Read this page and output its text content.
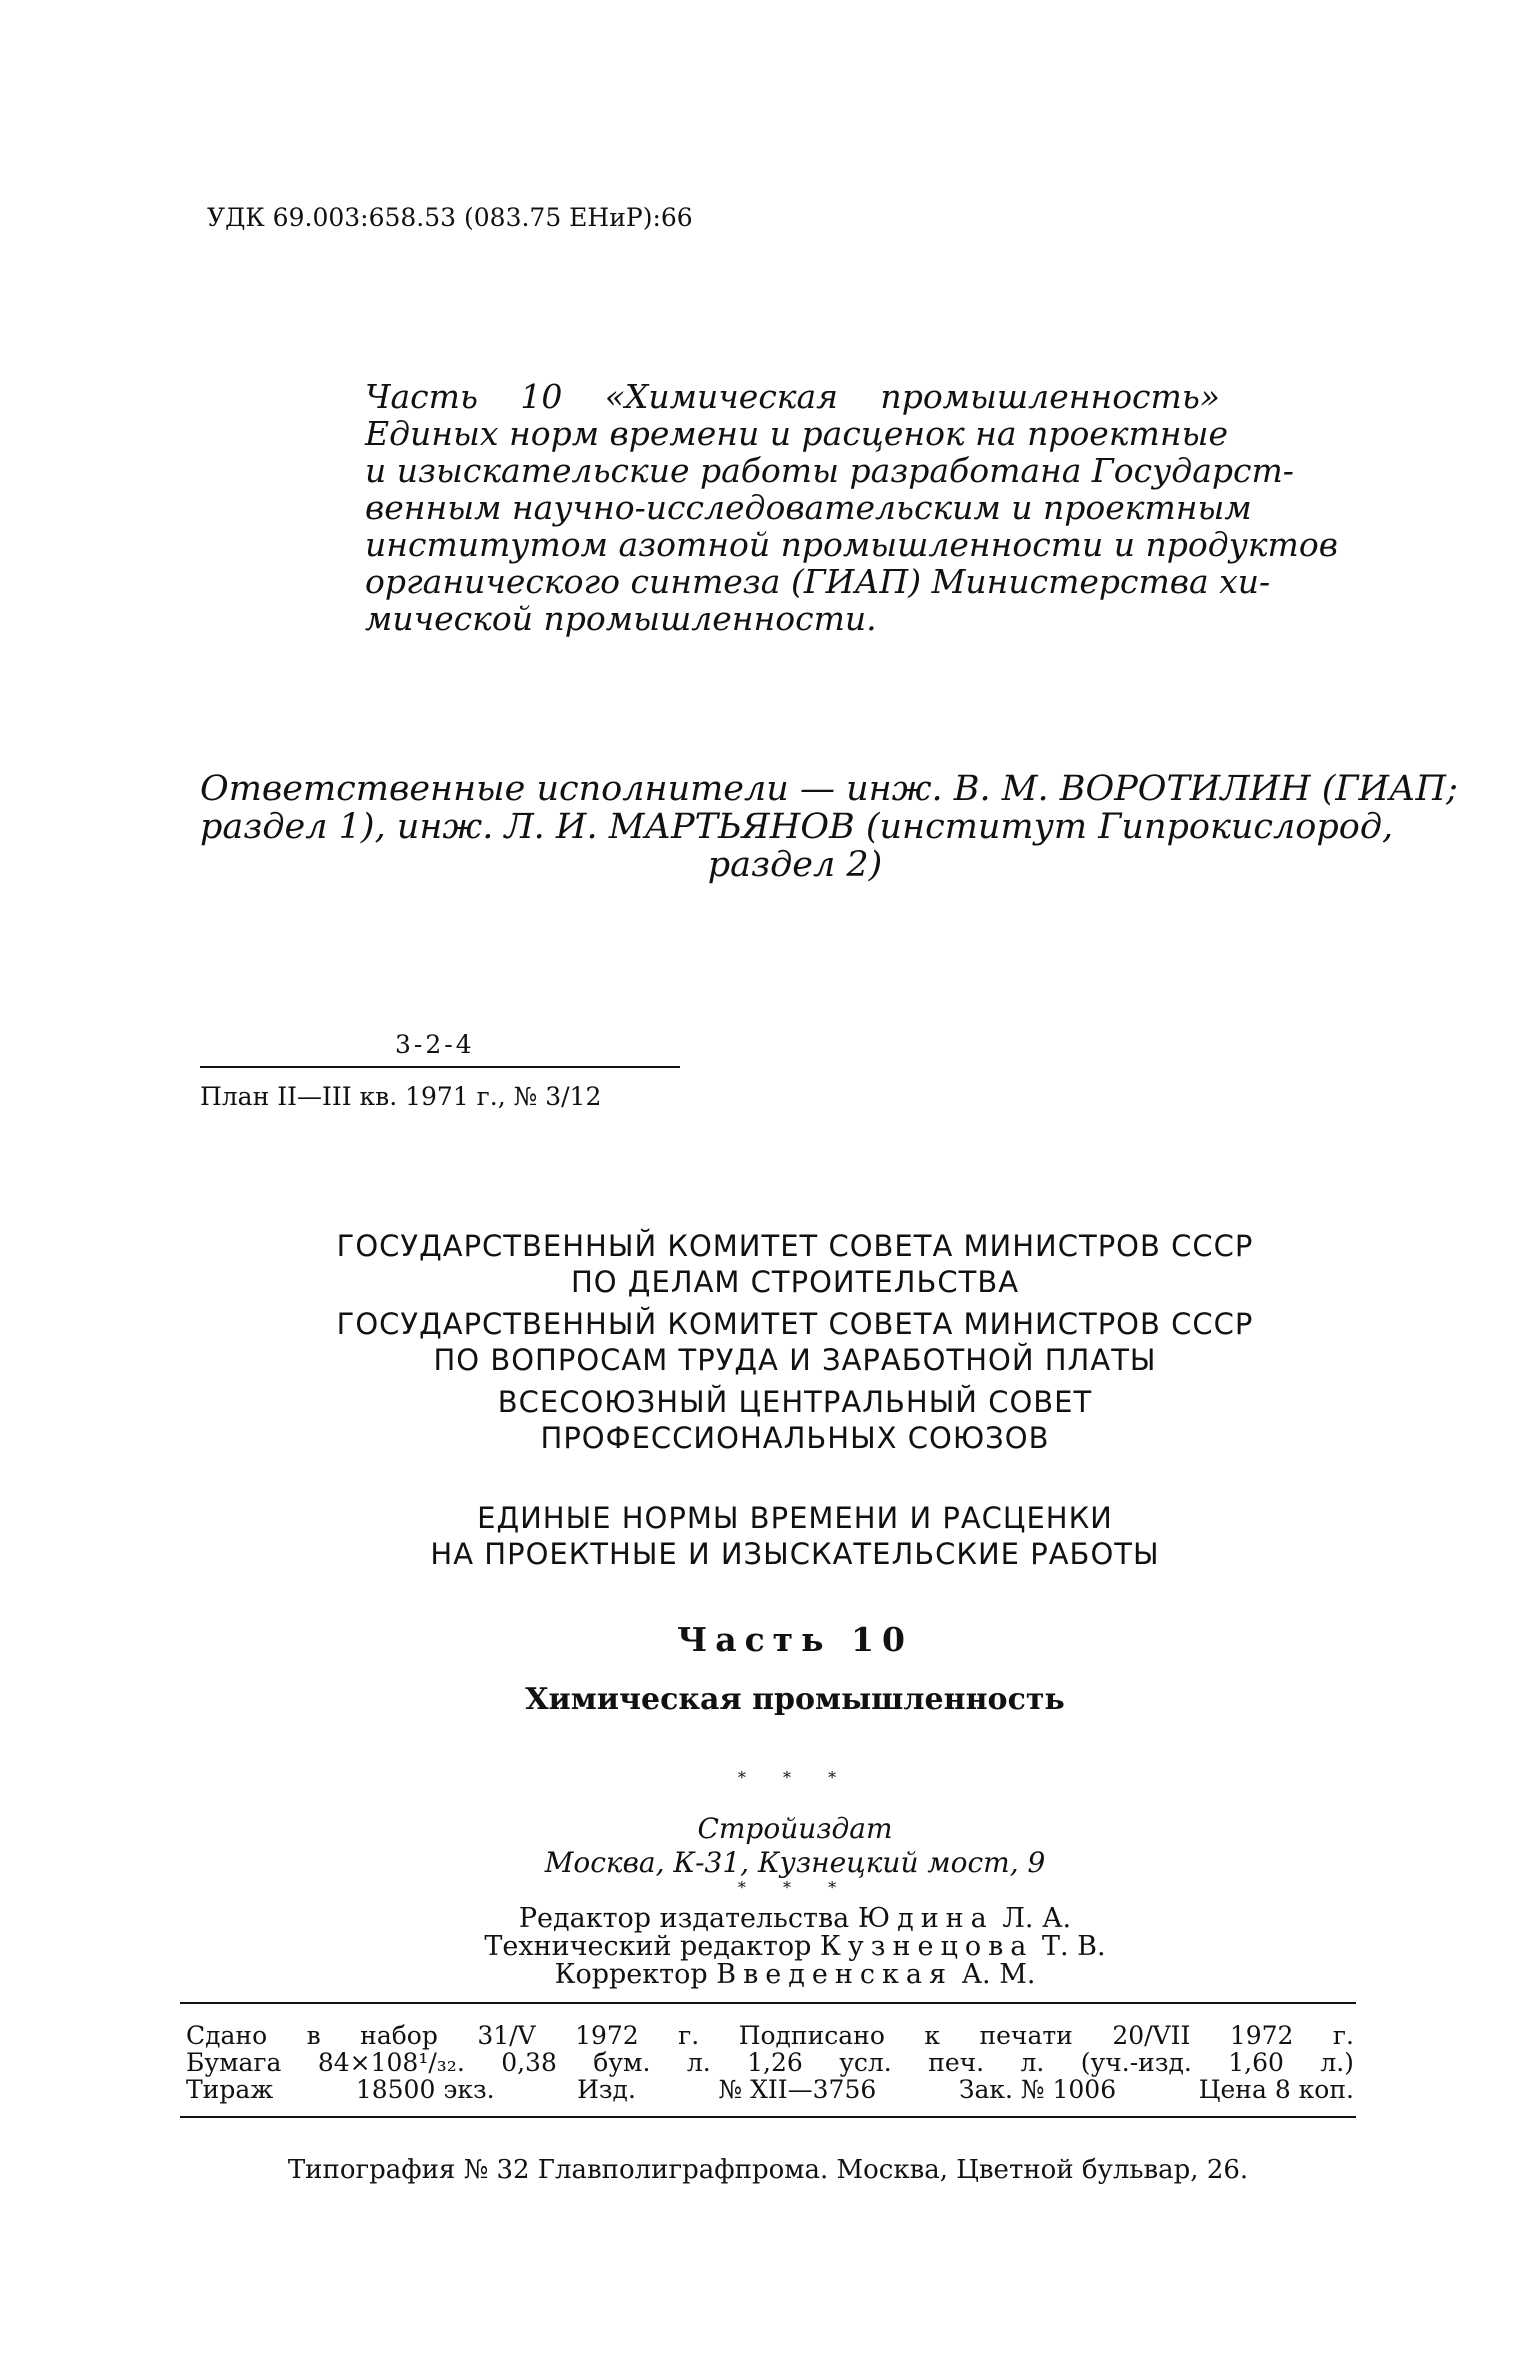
УДК 69.003:658.53 (083.75 ЕНиР):66
Часть 10 «Химическая промышленность»
Единых норм времени и расценок на проектные
и изыскательские работы разработана Государст-
венным научно-исследовательским и проектным
институтом азотной промышленности и продуктов
органического синтеза (ГИАП) Министерства хи-
мической промышленности.
Ответственные исполнители — инж. В. М. ВОРОТИЛИН (ГИАП;
раздел 1), инж. Л. И. МАРТЬЯНОВ (институт Гипрокислород,
раздел 2)
3-2-4
План II—III кв. 1971 г., № 3/12
ГОСУДАРСТВЕННЫЙ КОМИТЕТ СОВЕТА МИНИСТРОВ СССР
ПО ДЕЛАМ СТРОИТЕЛЬСТВА
ГОСУДАРСТВЕННЫЙ КОМИТЕТ СОВЕТА МИНИСТРОВ СССР
ПО ВОПРОСАМ ТРУДА И ЗАРАБОТНОЙ ПЛАТЫ
ВСЕСОЮЗНЫЙ ЦЕНТРАЛЬНЫЙ СОВЕТ
ПРОФЕССИОНАЛЬНЫХ СОЮЗОВ
ЕДИНЫЕ НОРМЫ ВРЕМЕНИ И РАСЦЕНКИ
НА ПРОЕКТНЫЕ И ИЗЫСКАТЕЛЬСКИЕ РАБОТЫ
Часть 10
Химическая промышленность
* * *
Стройиздат
Москва, К-31, Кузнецкий мост, 9
* * *
Редактор издательства Юдина Л. А.
Технический редактор Кузнецова Т. В.
Корректор Введенская А. М.
Сдано в набор 31/V 1972 г. Подписано к печати 20/VII 1972 г.
Бумага 84×108¹/₃₂. 0,38 бум. л. 1,26 усл. печ. л. (уч.-изд. 1,60 л.)
Тираж	18500 экз.	Изд.	№ XII—3756	Зак. № 1006	Цена 8 коп.
Типография № 32 Главполиграфпрома. Москва, Цветной бульвар, 26.
